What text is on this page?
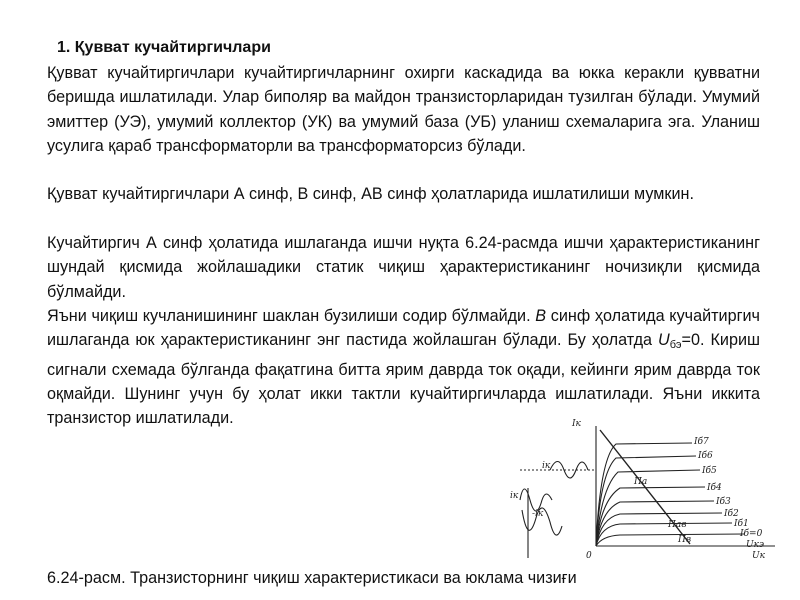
1. Қувват кучайтиргичлари
Қувват кучайтиргичлари кучайтиргичларнинг охирги каскадида ва юкка керакли қувватни беришда ишлатилади. Улар биполяр ва майдон транзисторларидан тузилган бўлади. Умумий эмиттер (УЭ), умумий коллектор (УК) ва умумий база (УБ) уланиш схемаларига эга. Уланиш усулига қараб трансформаторли ва трансформаторсиз бўлади.
Қувват кучайтиргичлари А синф, В синф, АВ синф ҳолатларида ишлатилиши мумкин.
Кучайтиргич А синф ҳолатида ишлаганда ишчи нуқта 6.24-расмда ишчи ҳарактеристиканинг шундай қисмида жойлашадики статик чиқиш ҳарактеристиканинг ночизиқли қисмида бўлмайди.
Яъни чиқиш кучланишининг шаклан бузилиши содир бўлмайди. В синф ҳолатида кучайтиргич ишлаганда юк ҳарактеристиканинг энг пастида жойлашган бўлади. Бу ҳолатда $U_{бэ}=0$. Кириш сигнали схемада бўлганда фақатгина битта ярим даврда ток оқади, кейинги ярим даврда ток оқмайди. Шунинг учун бу ҳолат икки тактли кучайтиргичларда ишлатилади. Яъни иккита транзистор ишлатилади.	Iк
iк
iк
-iк
Iб7
Iб6
Iб5
Iб4
Iб3
Iб2
Iб1
Iб=0
Uкэ
Uк
0
Па
Пав
Пв
6.24-расм. Транзисторнинг чиқиш характеристикаси ва юклама чизиғи
